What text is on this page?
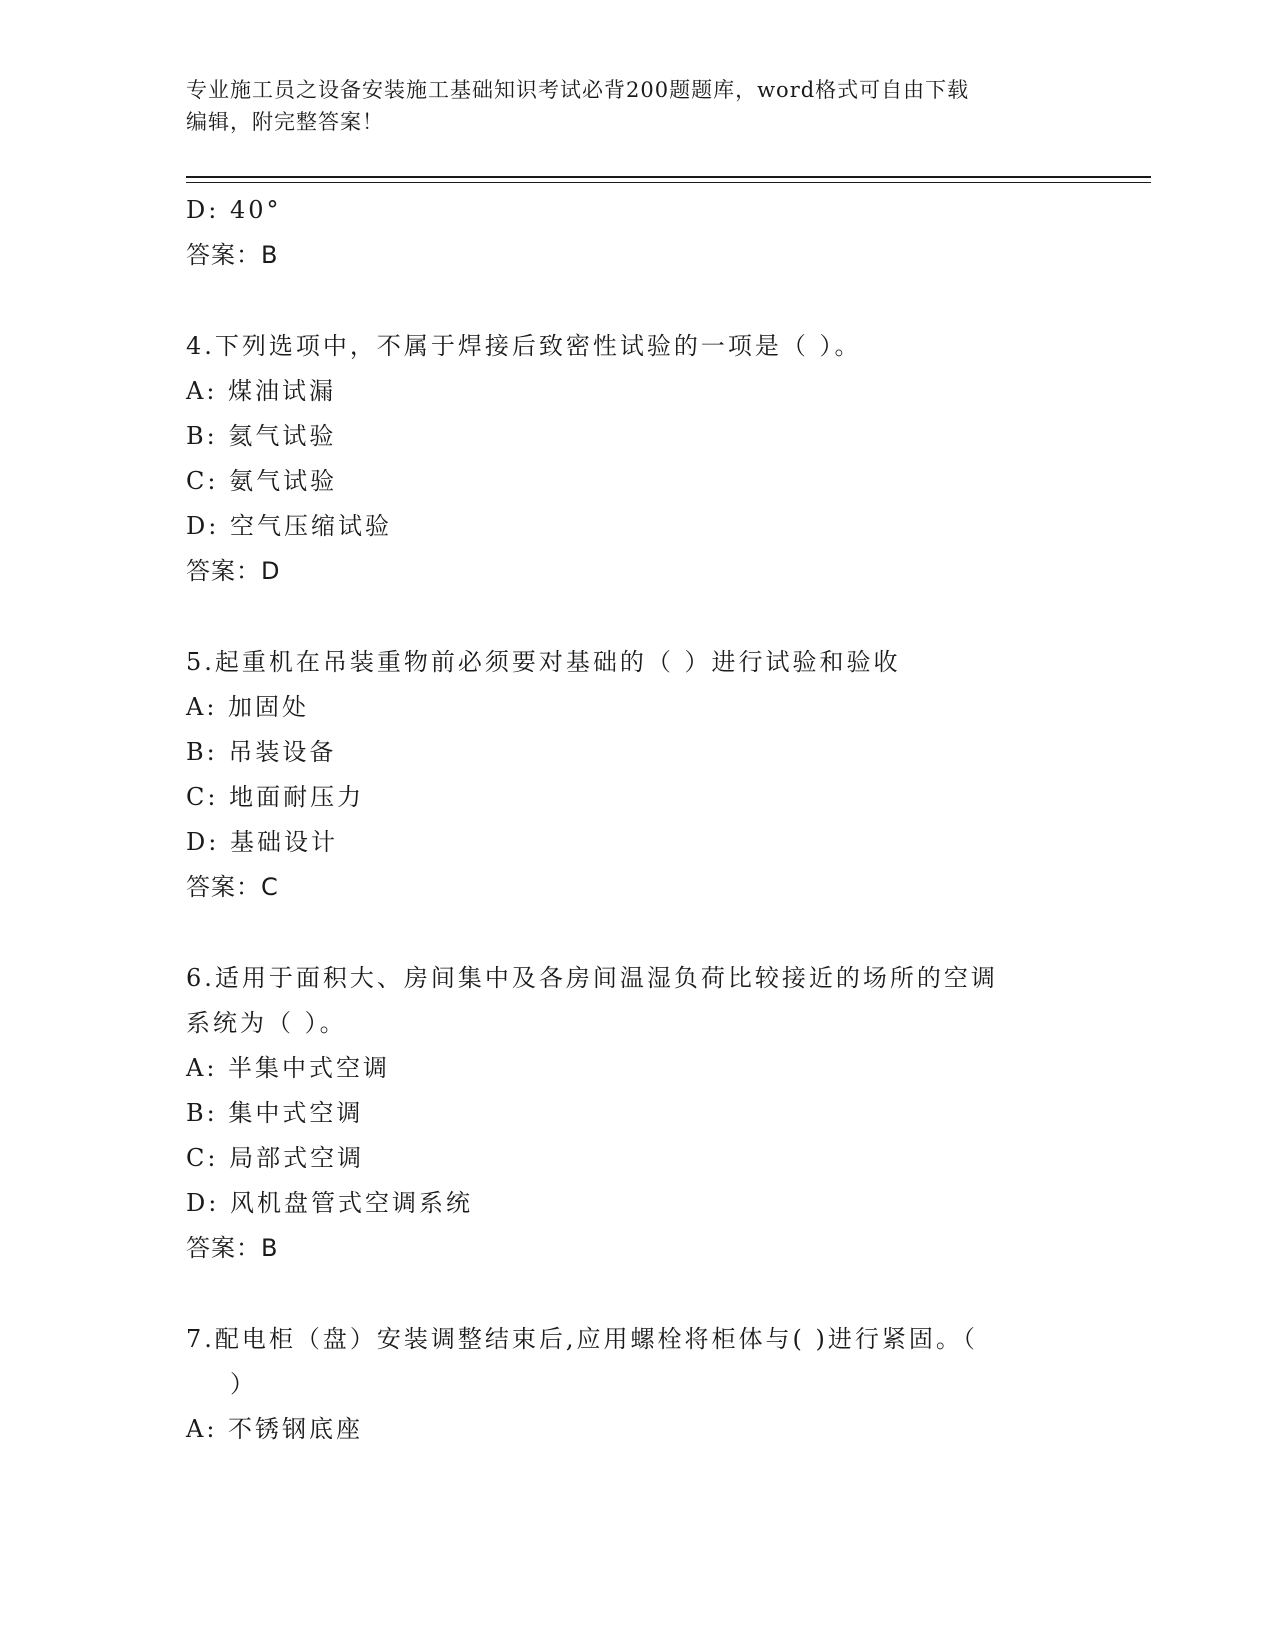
专业施工员之设备安装施工基础知识考试必背200题题库，word格式可自由下载
编辑，附完整答案！
D: 40°
答案：B
4.下列选项中，不属于焊接后致密性试验的一项是（ ）。
A: 煤油试漏
B: 氦气试验
C: 氨气试验
D: 空气压缩试验
答案：D
5.起重机在吊装重物前必须要对基础的（ ）进行试验和验收
A: 加固处
B: 吊装设备
C: 地面耐压力
D: 基础设计
答案：C
6.适用于面积大、房间集中及各房间温湿负荷比较接近的场所的空调
系统为（ ）。
A: 半集中式空调
B: 集中式空调
C: 局部式空调
D: 风机盘管式空调系统
答案：B
7.配电柜（盘）安装调整结束后,应用螺栓将柜体与( )进行紧固。（
）
A: 不锈钢底座
